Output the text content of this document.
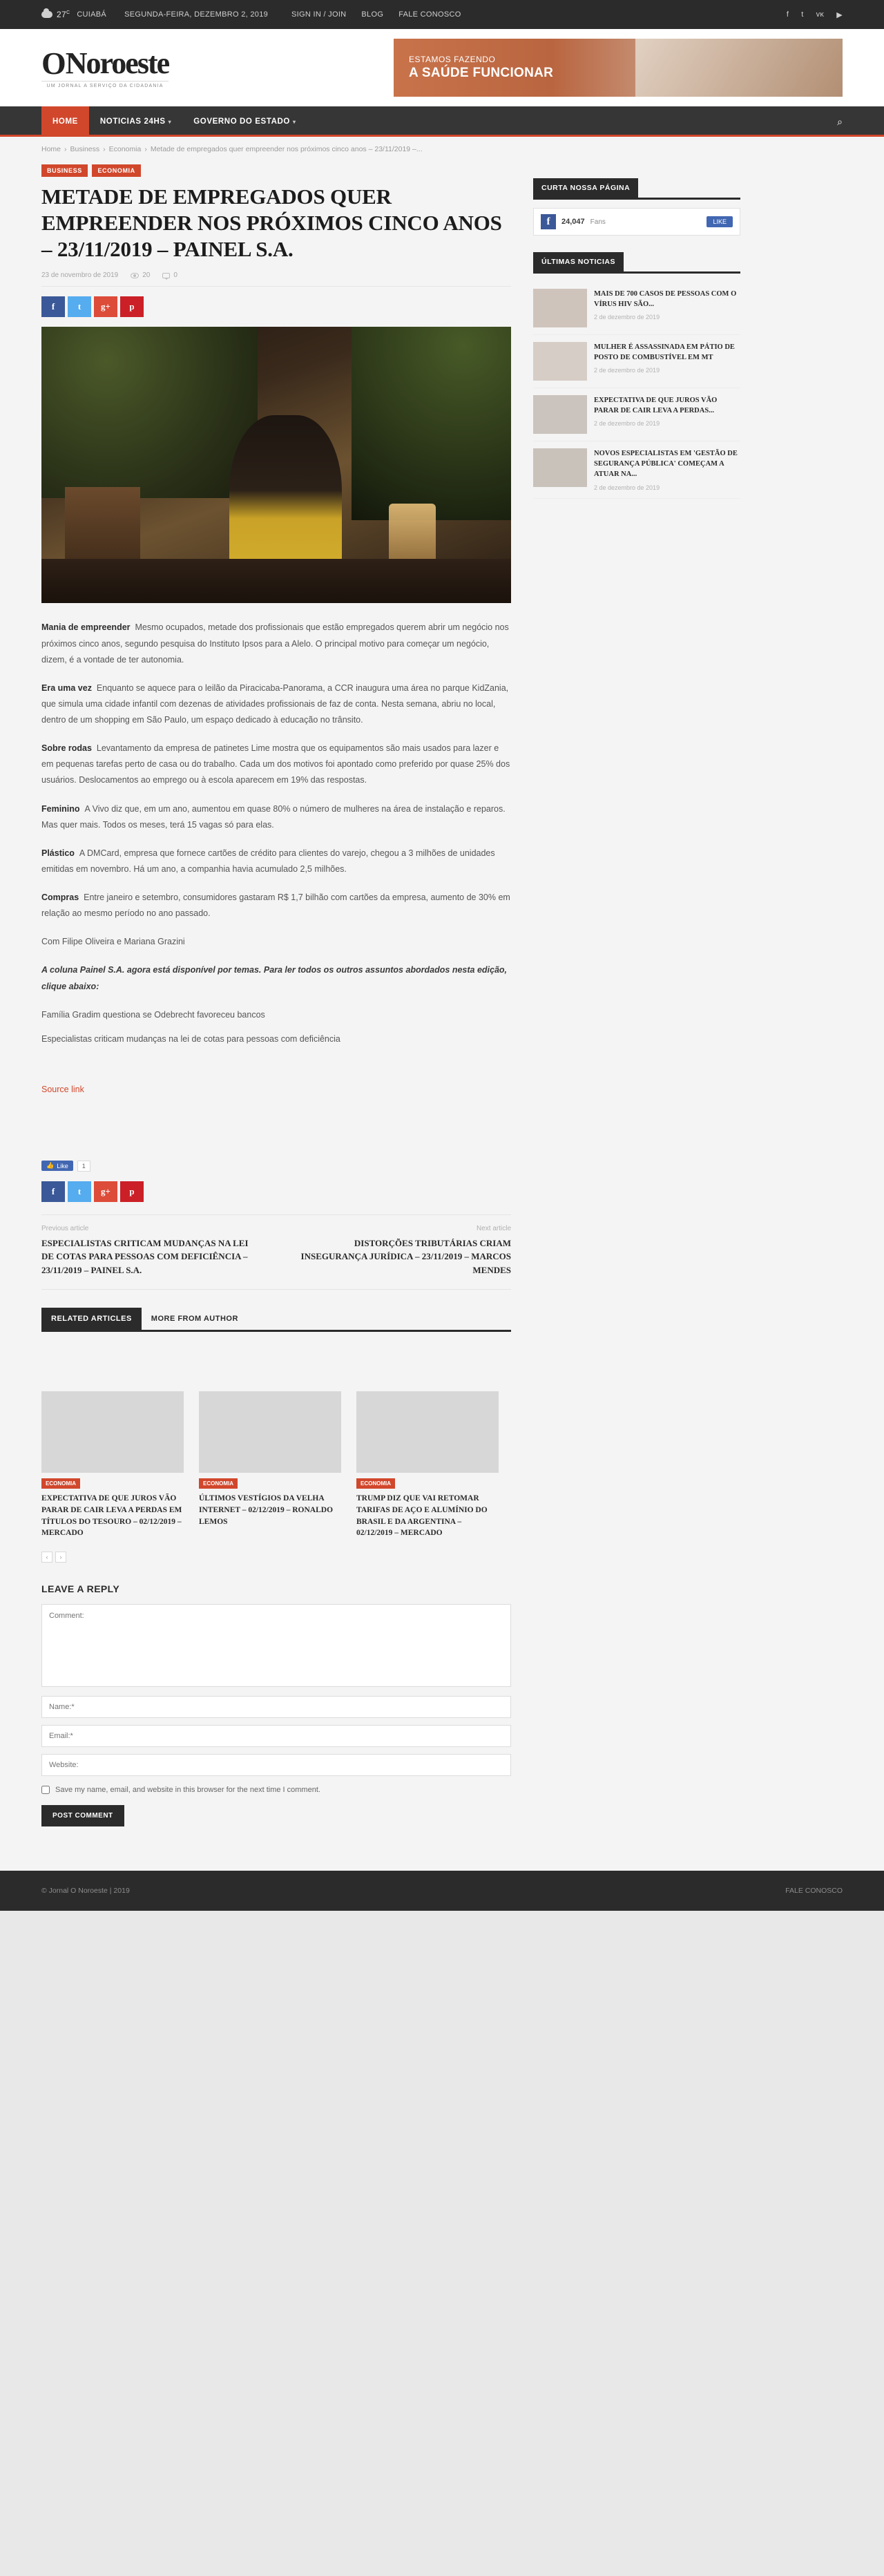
$27^C$ CUIABÁ SEGUNDA-FEIRA, DEZEMBRO 2, 2019	SIGN IN / JOIN BLOG FALE CONOSCO	f t ᴠᴋ ▶
O Noroeste
UM JORNAL A SERVIÇO DA CIDADANIA
ESTAMOS FAZENDO
A SAÚDE FUNCIONAR
HOME	NOTICIAS 24HS ▾	GOVERNO DO ESTADO ▾	⌕
Home › Business › Economia › Metade de empregados quer empreender nos próximos cinco anos – 23/11/2019 –...
BUSINESS	ECONOMIA
METADE DE EMPREGADOS QUER EMPREENDER NOS PRÓXIMOS CINCO ANOS – 23/11/2019 – PAINEL S.A.
23 de novembro de 2019	20	0
f	t	g+	p

Mania de empreender Mesmo ocupados, metade dos profissionais que estão empregados querem abrir um negócio nos próximos cinco anos, segundo pesquisa do Instituto Ipsos para a Alelo. O principal motivo para começar um negócio, dizem, é a vontade de ter autonomia.

Era uma vez Enquanto se aquece para o leilão da Piracicaba-Panorama, a CCR inaugura uma área no parque KidZania, que simula uma cidade infantil com dezenas de atividades profissionais de faz de conta. Nesta semana, abriu no local, dentro de um shopping em São Paulo, um espaço dedicado à educação no trânsito.

Sobre rodas Levantamento da empresa de patinetes Lime mostra que os equipamentos são mais usados para lazer e em pequenas tarefas perto de casa ou do trabalho. Cada um dos motivos foi apontado como preferido por quase 25% dos usuários. Deslocamentos ao emprego ou à escola aparecem em 19% das respostas.

Feminino A Vivo diz que, em um ano, aumentou em quase 80% o número de mulheres na área de instalação e reparos. Mas quer mais. Todos os meses, terá 15 vagas só para elas.

Plástico A DMCard, empresa que fornece cartões de crédito para clientes do varejo, chegou a 3 milhões de unidades emitidas em novembro. Há um ano, a companhia havia acumulado 2,5 milhões.

Compras Entre janeiro e setembro, consumidores gastaram R$ 1,7 bilhão com cartões da empresa, aumento de 30% em relação ao mesmo período no ano passado.

Com Filipe Oliveira e Mariana Grazini

A coluna Painel S.A. agora está disponível por temas. Para ler todos os outros assuntos abordados nesta edição, clique abaixo:

Família Gradim questiona se Odebrecht favoreceu bancos

Especialistas criticam mudanças na lei de cotas para pessoas com deficiência

Source link
👍 Like	1
f	t	g+	p
Previous article
ESPECIALISTAS CRITICAM MUDANÇAS NA LEI DE COTAS PARA PESSOAS COM DEFICIÊNCIA – 23/11/2019 – PAINEL S.A.
Next article
DISTORÇÕES TRIBUTÁRIAS CRIAM INSEGURANÇA JURÍDICA – 23/11/2019 – MARCOS MENDES
RELATED ARTICLES	MORE FROM AUTHOR
ECONOMIA
EXPECTATIVA DE QUE JUROS VÃO PARAR DE CAIR LEVA A PERDAS EM TÍTULOS DO TESOURO – 02/12/2019 – MERCADO
ECONOMIA
ÚLTIMOS VESTÍGIOS DA VELHA INTERNET – 02/12/2019 – RONALDO LEMOS
ECONOMIA
TRUMP DIZ QUE VAI RETOMAR TARIFAS DE AÇO E ALUMÍNIO DO BRASIL E DA ARGENTINA – 02/12/2019 – MERCADO
‹	›
LEAVE A REPLY
Comment: Name:* Email:* Website:
Save my name, email, and website in this browser for the next time I comment.
POST COMMENT
CURTA NOSSA PÁGINA
f	24,047 Fans	LIKE
ÚLTIMAS NOTICIAS
MAIS DE 700 CASOS DE PESSOAS COM O VÍRUS HIV SÃO...
2 de dezembro de 2019
MULHER É ASSASSINADA EM PÁTIO DE POSTO DE COMBUSTÍVEL EM MT
2 de dezembro de 2019
EXPECTATIVA DE QUE JUROS VÃO PARAR DE CAIR LEVA A PERDAS...
2 de dezembro de 2019
NOVOS ESPECIALISTAS EM 'GESTÃO DE SEGURANÇA PÚBLICA' COMEÇAM A ATUAR NA...
2 de dezembro de 2019
© Jornal O Noroeste | 2019	FALE CONOSCO
